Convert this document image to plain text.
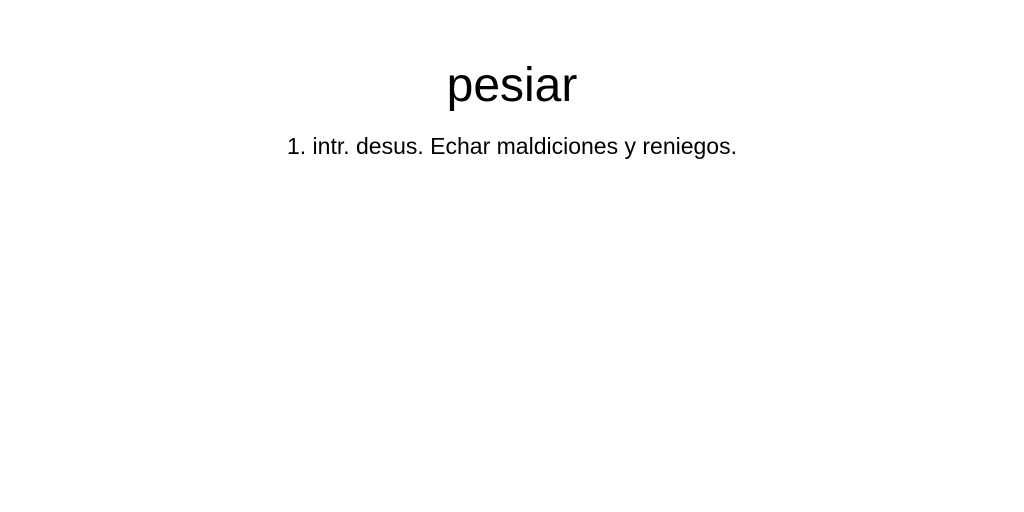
pesiar

1. intr. desus. Echar maldiciones y reniegos.
